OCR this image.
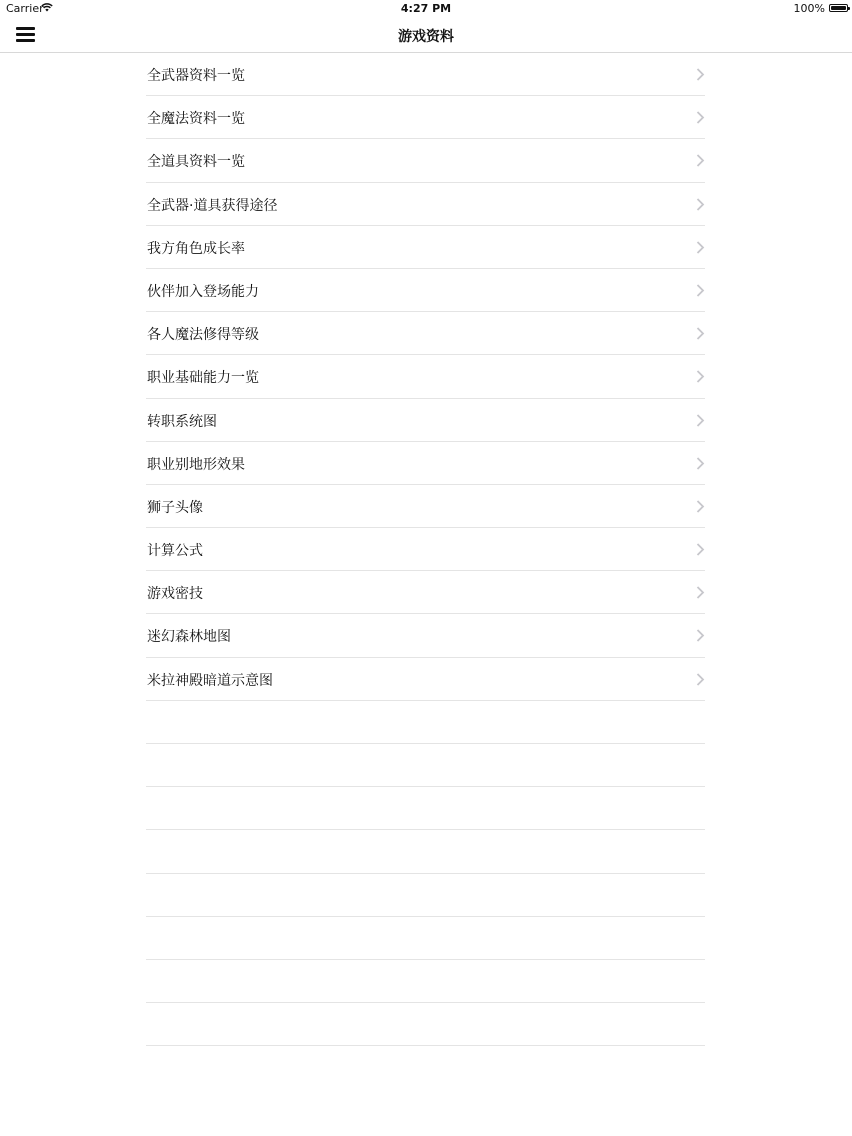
Carrier	4:27 PM	100%
游戏资料
全武器资料一览
全魔法资料一览
全道具资料一览
全武器·道具获得途径
我方角色成长率
伙伴加入登场能力
各人魔法修得等级
职业基础能力一览
转职系统图
职业别地形效果
狮子头像
计算公式
游戏密技
迷幻森林地图
米拉神殿暗道示意图
